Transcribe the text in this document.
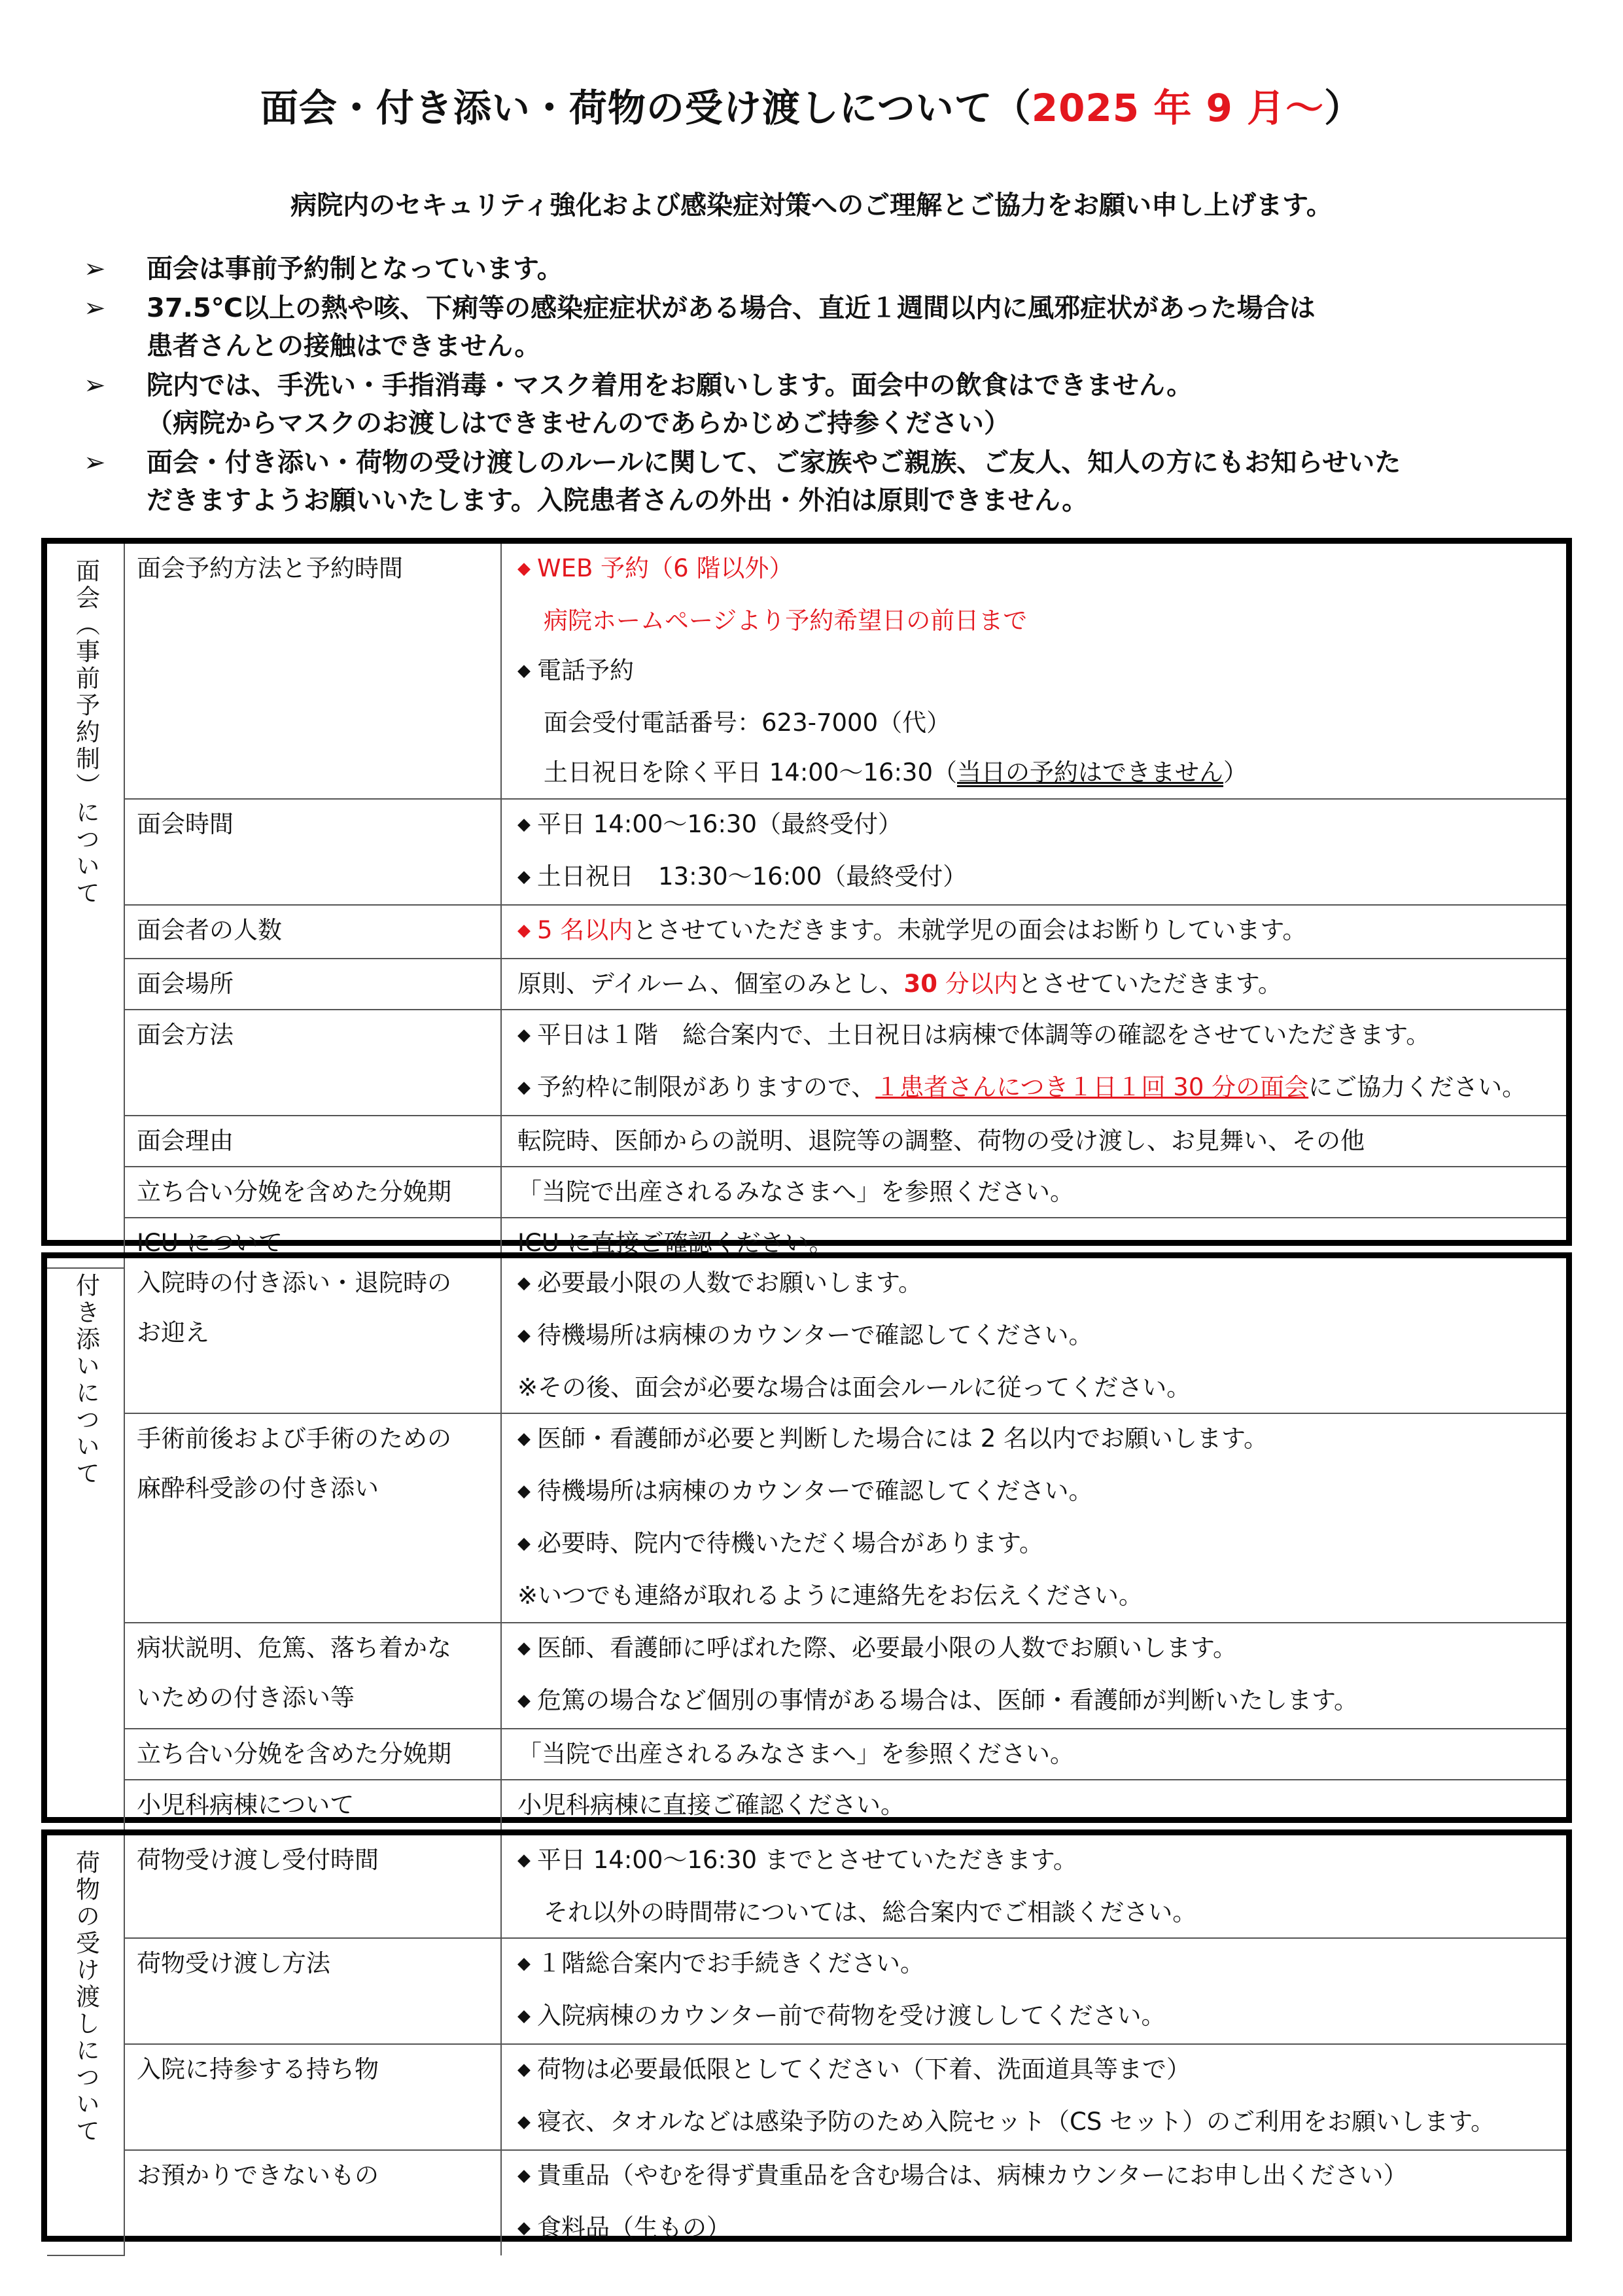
面会・付き添い・荷物の受け渡しについて（2025 年 9 月～）
病院内のセキュリティ強化および感染症対策へのご理解とご協力をお願い申し上げます。
➢ 面会は事前予約制となっています。
➢ 37.5℃以上の熱や咳、下痢等の感染症症状がある場合、直近１週間以内に風邪症状があった場合は
患者さんとの接触はできません。
➢ 院内では、手洗い・手指消毒・マスク着用をお願いします。面会中の飲食はできません。
（病院からマスクのお渡しはできませんのであらかじめご持参ください）
➢ 面会・付き添い・荷物の受け渡しのルールに関して、ご家族やご親族、ご友人、知人の方にもお知らせいた
だきますようお願いいたします。入院患者さんの外出・外泊は原則できません。
面会（事前予約制）について	面会予約方法と予約時間	◆ WEB 予約（6 階以外）
病院ホームページより予約希望日の前日まで
◆ 電話予約
面会受付電話番号：623-7000（代）
土日祝日を除く平日 14:00～16:30（当日の予約はできません）

	面会時間	◆ 平日 14:00～16:30（最終受付）
◆ 土日祝日　13:30～16:00（最終受付）

	面会者の人数	◆ 5 名以内とさせていただきます。未就学児の面会はお断りしています。

	面会場所	原則、デイルーム、個室のみとし、30 分以内とさせていただきます。

	面会方法	◆ 平日は１階　総合案内で、土日祝日は病棟で体調等の確認をさせていただきます。
◆ 予約枠に制限がありますので、１患者さんにつき１日１回 30 分の面会にご協力ください。

	面会理由	転院時、医師からの説明、退院等の調整、荷物の受け渡し、お見舞い、その他
	立ち合い分娩を含めた分娩期	「当院で出産されるみなさまへ」を参照ください。
	ICU について	ICU に直接ご確認ください。
付き添いについて	入院時の付き添い・退院時の
お迎え	◆ 必要最小限の人数でお願いします。
◆ 待機場所は病棟のカウンターで確認してください。
※その後、面会が必要な場合は面会ルールに従ってください。

	手術前後および手術のための
麻酔科受診の付き添い	◆ 医師・看護師が必要と判断した場合には 2 名以内でお願いします。
◆ 待機場所は病棟のカウンターで確認してください。
◆ 必要時、院内で待機いただく場合があります。
※いつでも連絡が取れるように連絡先をお伝えください。

	病状説明、危篤、落ち着かな
いための付き添い等	◆ 医師、看護師に呼ばれた際、必要最小限の人数でお願いします。
◆ 危篤の場合など個別の事情がある場合は、医師・看護師が判断いたします。

	立ち合い分娩を含めた分娩期	「当院で出産されるみなさまへ」を参照ください。
	小児科病棟について	小児科病棟に直接ご確認ください。
荷物の受け渡しについて	荷物受け渡し受付時間	◆ 平日 14:00～16:30 までとさせていただきます。
それ以外の時間帯については、総合案内でご相談ください。

	荷物受け渡し方法	◆ １階総合案内でお手続きください。
◆ 入院病棟のカウンター前で荷物を受け渡ししてください。

	入院に持参する持ち物	◆ 荷物は必要最低限としてください（下着、洗面道具等まで）
◆ 寝衣、タオルなどは感染予防のため入院セット（CS セット）のご利用をお願いします。

	お預かりできないもの	◆ 貴重品（やむを得ず貴重品を含む場合は、病棟カウンターにお申し出ください）
◆ 食料品（生もの）
